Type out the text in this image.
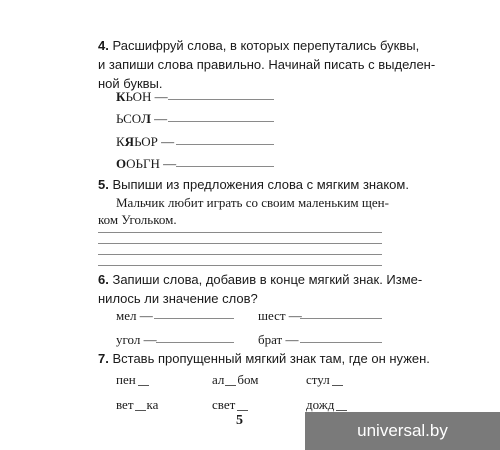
4. Расшифруй слова, в которых перепутались буквы,
и запиши слова правильно. Начинай писать с выделен-
ной буквы.
КЬОН —
ЬСОЛ —
КЯЬОР —
ООЬГН —
5. Выпиши из предложения слова с мягким знаком.
Мальчик любит играть со своим маленьким щен-
ком Угольком.
6. Запиши слова, добавив в конце мягкий знак. Изме-
нилось ли значение слов?
мел —	шест —
угол —	брат —
7. Вставь пропущенный мягкий знак там, где он нужен.
пен	ал бом	стул
вет ка	свет	дожд
5
universal.by
